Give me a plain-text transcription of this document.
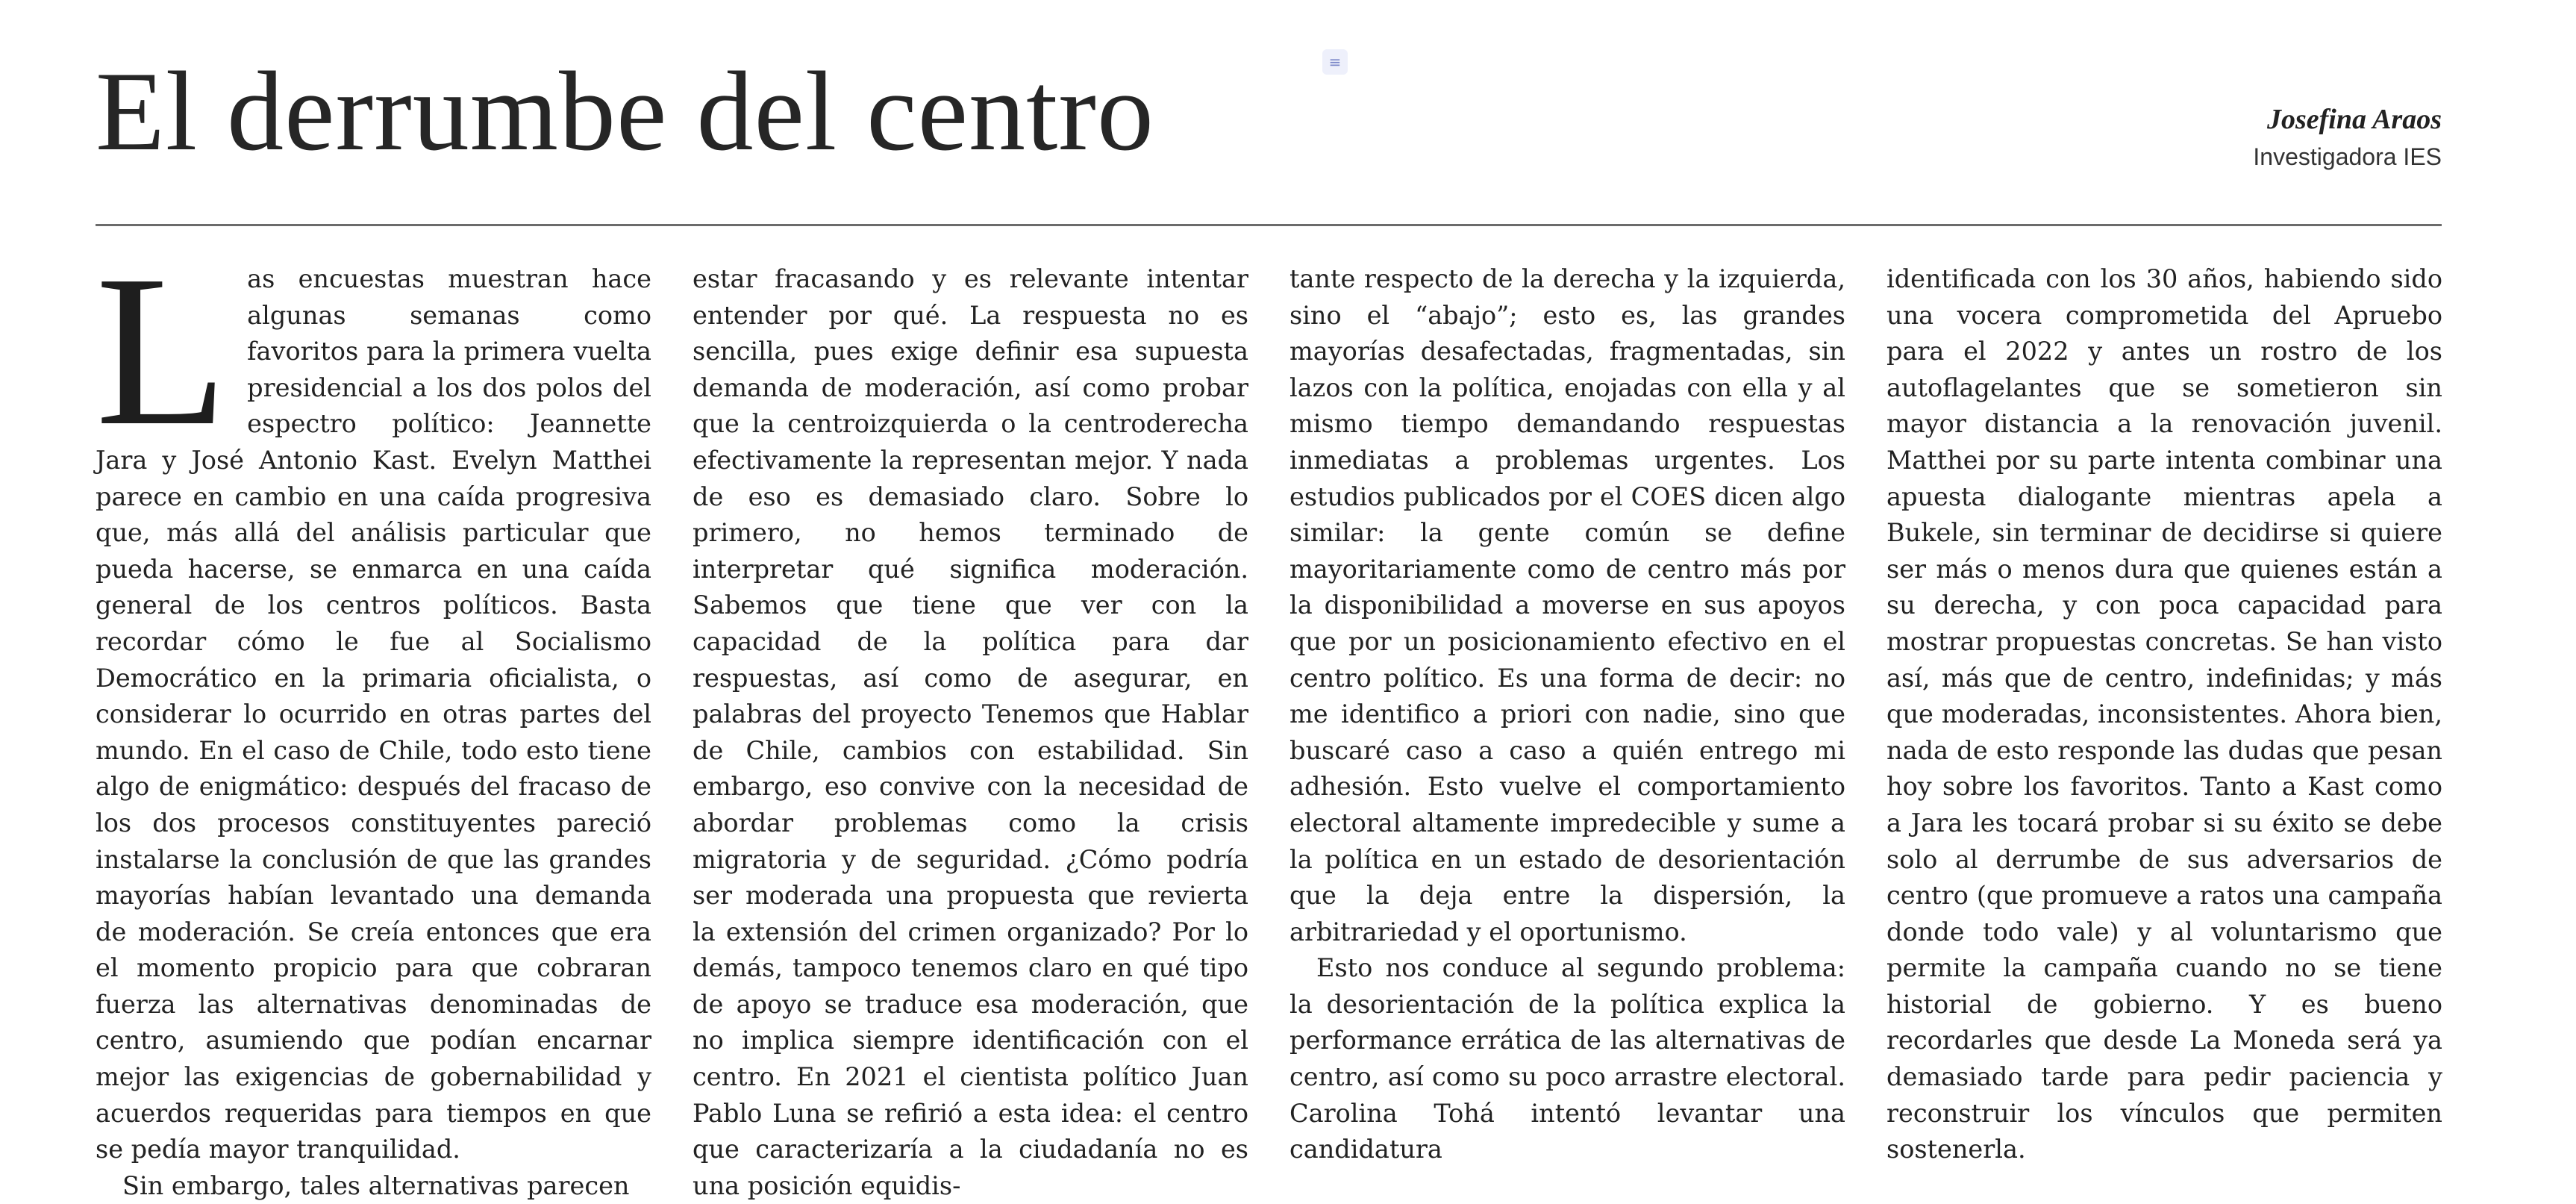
El derrumbe del centro	≡
Josefina Araos
Investigadora IES
L as encuestas muestran hace algunas semanas como favoritos para la primera vuelta presidencial a los dos polos del espectro político: Jeannette Jara y José Antonio Kast. Evelyn Matthei parece en cambio en una caída progresiva que, más allá del análisis particular que pueda hacerse, se enmarca en una caída general de los centros políticos. Basta recordar cómo le fue al Socialismo Democrático en la primaria oficialista, o considerar lo ocurrido en otras partes del mundo. En el caso de Chile, todo esto tiene algo de enigmático: después del fracaso de los dos procesos constituyentes pareció instalarse la conclusión de que las grandes mayorías habían levantado una demanda de moderación. Se creía entonces que era el momento propicio para que cobraran fuerza las alternativas denominadas de centro, asumiendo que podían encarnar mejor las exigencias de gobernabilidad y acuerdos requeridas para tiempos en que se pedía mayor tranquilidad.

Sin embargo, tales alternativas parecen

estar fracasando y es relevante intentar entender por qué. La respuesta no es sencilla, pues exige definir esa supuesta demanda de moderación, así como probar que la centroizquierda o la centroderecha efectivamente la representan mejor. Y nada de eso es demasiado claro. Sobre lo primero, no hemos terminado de interpretar qué significa moderación. Sabemos que tiene que ver con la capacidad de la política para dar respuestas, así como de asegurar, en palabras del proyecto Tenemos que Hablar de Chile, cambios con estabilidad. Sin embargo, eso convive con la necesidad de abordar problemas como la crisis migratoria y de seguridad. ¿Cómo podría ser moderada una propuesta que revierta la extensión del crimen organizado? Por lo demás, tampoco tenemos claro en qué tipo de apoyo se traduce esa moderación, que no implica siempre identificación con el centro. En 2021 el cientista político Juan Pablo Luna se refirió a esta idea: el centro que caracterizaría a la ciudadanía no es una posición equidis-

tante respecto de la derecha y la izquierda, sino el “abajo”; esto es, las grandes mayorías desafectadas, fragmentadas, sin lazos con la política, enojadas con ella y al mismo tiempo demandando respuestas inmediatas a problemas urgentes. Los estudios publicados por el COES dicen algo similar: la gente común se define mayoritariamente como de centro más por la disponibilidad a moverse en sus apoyos que por un posicionamiento efectivo en el centro político. Es una forma de decir: no me identifico a priori con nadie, sino que buscaré caso a caso a quién entrego mi adhesión. Esto vuelve el comportamiento electoral altamente impredecible y sume a la política en un estado de desorientación que la deja entre la dispersión, la arbitrariedad y el oportunismo.

Esto nos conduce al segundo problema: la desorientación de la política explica la performance errática de las alternativas de centro, así como su poco arrastre electoral. Carolina Tohá intentó levantar una candidatura

identificada con los 30 años, habiendo sido una vocera comprometida del Apruebo para el 2022 y antes un rostro de los autoflagelantes que se sometieron sin mayor distancia a la renovación juvenil. Matthei por su parte intenta combinar una apuesta dialogante mientras apela a Bukele, sin terminar de decidirse si quiere ser más o menos dura que quienes están a su derecha, y con poca capacidad para mostrar propuestas concretas. Se han visto así, más que de centro, indefinidas; y más que moderadas, inconsistentes. Ahora bien, nada de esto responde las dudas que pesan hoy sobre los favoritos. Tanto a Kast como a Jara les tocará probar si su éxito se debe solo al derrumbe de sus adversarios de centro (que promueve a ratos una campaña donde todo vale) y al voluntarismo que permite la campaña cuando no se tiene historial de gobierno. Y es bueno recordarles que desde La Moneda será ya demasiado tarde para pedir paciencia y reconstruir los vínculos que permiten sostenerla.
